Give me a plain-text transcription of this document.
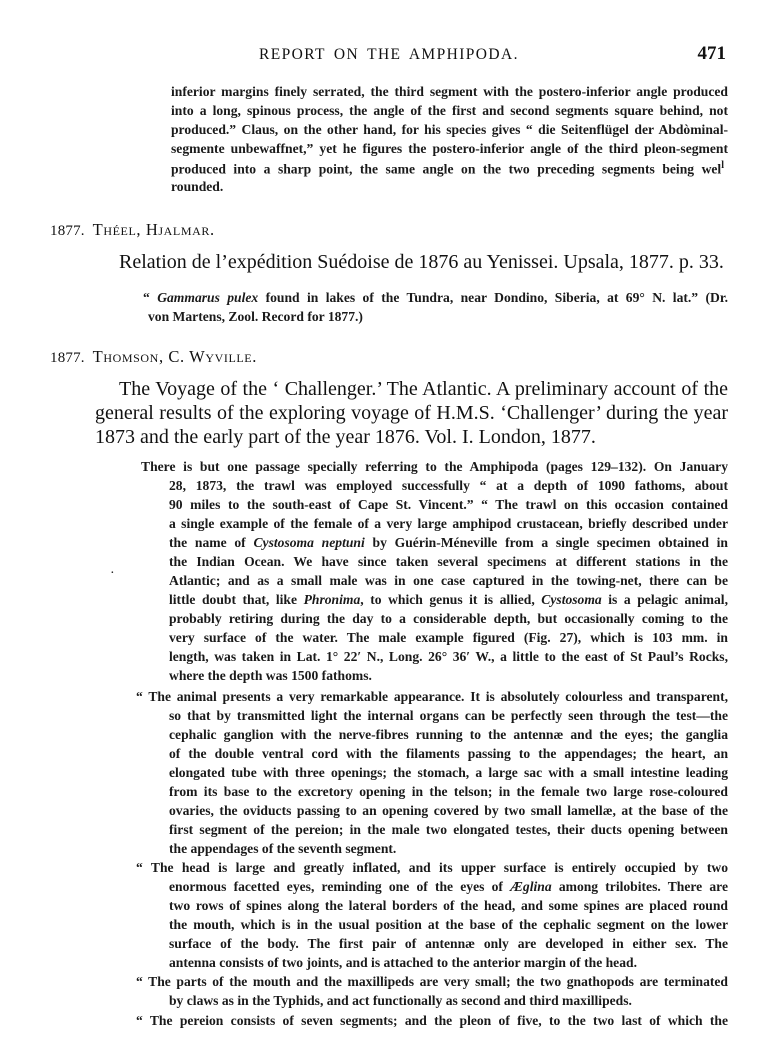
REPORT ON THE AMPHIPODA.	471
inferior margins finely serrated, the third segment with the postero-inferior angle produced
into a long, spinous process, the angle of the first and second segments square behind, not
produced.” Claus, on the other hand, for his species gives “ die Seitenflügel der Abdòminal-
segmente unbewaffnet,” yet he figures the postero-inferior angle of the third pleon-segment
produced into a sharp point, the same angle on the two preceding segments being wel$^l$
rounded.
1877. Théel, Hjalmar.
Relation de l’expédition Suédoise de 1876 au Yenissei. Upsala, 1877. p. 33.
“ Gammarus pulex found in lakes of the Tundra, near Dondino, Siberia, at 69° N. lat.” (Dr.
von Martens, Zool. Record for 1877.)
1877. Thomson, C. Wyville.
The Voyage of the ‘ Challenger.’ The Atlantic. A preliminary account of the
general results of the exploring voyage of H.M.S. ‘Challenger’ during the year
1873 and the early part of the year 1876. Vol. I. London, 1877.
There is but one passage specially referring to the Amphipoda (pages 129–132). On January
28, 1873, the trawl was employed successfully “ at a depth of 1090 fathoms, about
90 miles to the south-east of Cape St. Vincent.” “ The trawl on this occasion contained
a single example of the female of a very large amphipod crustacean, briefly described under
the name of Cystosoma neptuni by Guérin-Méneville from a single specimen obtained in
the Indian Ocean. We have since taken several specimens at different stations in the
Atlantic; and as a small male was in one case captured in the towing-net, there can be
little doubt that, like Phronima, to which genus it is allied, Cystosoma is a pelagic animal,
probably retiring during the day to a considerable depth, but occasionally coming to the
very surface of the water. The male example figured (Fig. 27), which is 103 mm. in
length, was taken in Lat. 1° 22′ N., Long. 26° 36′ W., a little to the east of St Paul’s Rocks,
where the depth was 1500 fathoms.
“ The animal presents a very remarkable appearance. It is absolutely colourless and transparent,
so that by transmitted light the internal organs can be perfectly seen through the test—the
cephalic ganglion with the nerve-fibres running to the antennæ and the eyes; the ganglia
of the double ventral cord with the filaments passing to the appendages; the heart, an
elongated tube with three openings; the stomach, a large sac with a small intestine leading
from its base to the excretory opening in the telson; in the female two large rose-coloured
ovaries, the oviducts passing to an opening covered by two small lamellæ, at the base of the
first segment of the pereion; in the male two elongated testes, their ducts opening between
the appendages of the seventh segment.
“ The head is large and greatly inflated, and its upper surface is entirely occupied by two
enormous facetted eyes, reminding one of the eyes of Æglina among trilobites. There are
two rows of spines along the lateral borders of the head, and some spines are placed round
the mouth, which is in the usual position at the base of the cephalic segment on the lower
surface of the body. The first pair of antennæ only are developed in either sex. The
antenna consists of two joints, and is attached to the anterior margin of the head.
“ The parts of the mouth and the maxillipeds are very small; the two gnathopods are terminated
by claws as in the Typhids, and act functionally as second and third maxillipeds.
“ The pereion consists of seven segments; and the pleon of five, to the two last of which the
·
